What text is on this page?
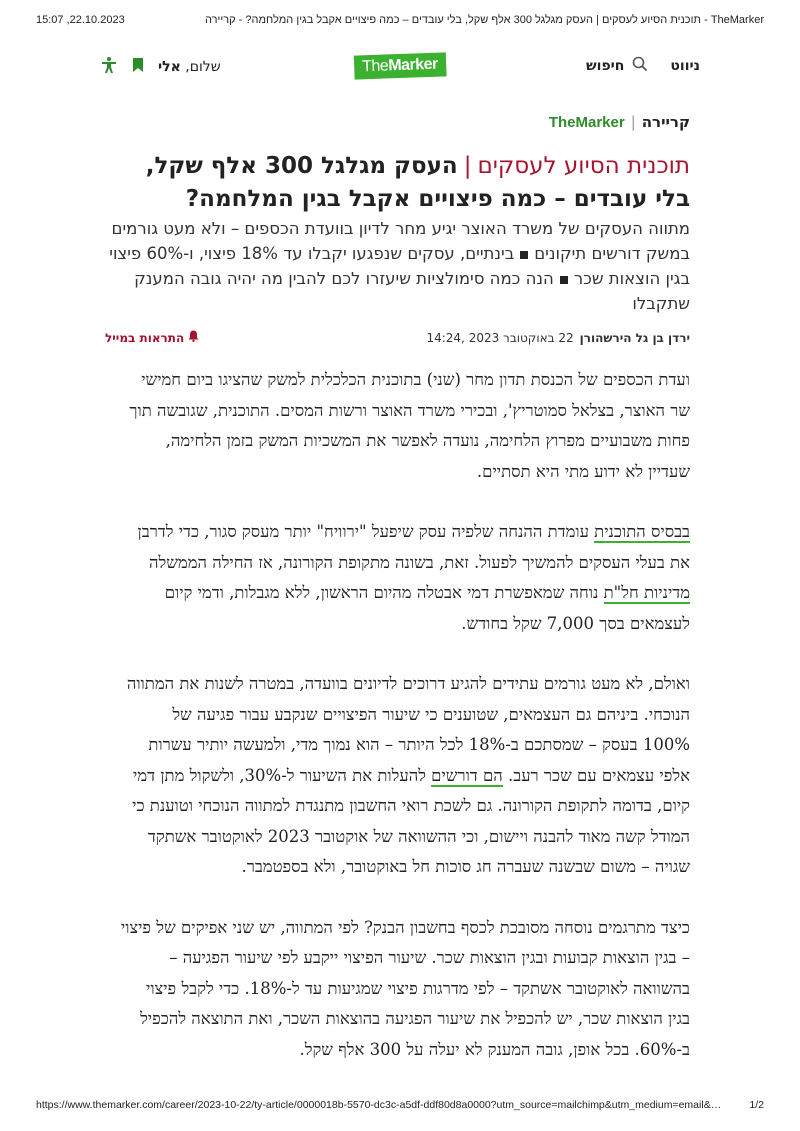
15:07 ,22.10.2023	TheMarker - תוכנית הסיוע לעסקים | העסק מגלגל 300 אלף שקל, בלי עובדים – כמה פיצויים אקבל בגין המלחמה? - קריירה
ניווט
חיפוש
TheMarker
שלום, אלי
קריירה
|
TheMarker
תוכנית הסיוע לעסקים|העסק מגלגל 300 אלף שקל, בלי עובדים – כמה פיצויים אקבל בגין המלחמה?

מתווה העסקים של משרד האוצר יגיע מחר לדיון בוועדת הכספים – ולא מעט גורמים במשק דורשים תיקוניםבינתיים, עסקים שנפגעו יקבלו עד 18% פיצוי, ו-60% פיצוי בגין הוצאות שכרהנה כמה סימולציות שיעזרו לכם להבין מה יהיה גובה המענק שתקבלו

ירדן בן גל הירשהורן
22 באוקטובר 2023 ,14:24
התראות במייל

ועדת הכספים של הכנסת תדון מחר (שני) בתוכנית הכלכלית למשק שהציגו ביום חמישי שר האוצר, בצלאל סמוטריץ', ובכירי משרד האוצר ורשות המסים. התוכנית, שגובשה תוך פחות משבועיים מפרוץ הלחימה, נועדה לאפשר את המשכיות המשק בזמן הלחימה, שעדיין לא ידוע מתי היא תסתיים.

בבסיס התוכנית עומדת ההנחה שלפיה עסק שיפעל "ירוויח" יותר מעסק סגור, כדי לדרבן את בעלי העסקים להמשיך לפעול. זאת, בשונה מתקופת הקורונה, אז החילה הממשלה מדיניות חל"ת נוחה שמאפשרת דמי אבטלה מהיום הראשון, ללא מגבלות, ודמי קיום לעצמאים בסך 7,000 שקל בחודש.

ואולם, לא מעט גורמים עתידים להגיע דרוכים לדיונים בוועדה, במטרה לשנות את המתווה הנוכחי. ביניהם גם העצמאים, שטוענים כי שיעור הפיצויים שנקבע עבור פגיעה של 100% בעסק – שמסתכם ב-18% לכל היותר – הוא נמוך מדי, ולמעשה יותיר עשרות אלפי עצמאים עם שכר רעב. הם דורשים להעלות את השיעור ל-30%, ולשקול מתן דמי קיום, בדומה לתקופת הקורונה. גם לשכת רואי החשבון מתנגדת למתווה הנוכחי וטוענת כי המודל קשה מאוד להבנה ויישום, וכי ההשוואה של אוקטובר 2023 לאוקטובר אשתקד שגויה – משום שבשנה שעברה חג סוכות חל באוקטובר, ולא בספטמבר.

כיצד מתרגמים נוסחה מסובכת לכסף בחשבון הבנק? לפי המתווה, יש שני אפיקים של פיצוי – בגין הוצאות קבועות ובגין הוצאות שכר. שיעור הפיצוי ייקבע לפי שיעור הפגיעה – בהשוואה לאוקטובר אשתקד – לפי מדרגות פיצוי שמגיעות עד ל-18%. כדי לקבל פיצוי בגין הוצאות שכר, יש להכפיל את שיעור הפגיעה בהוצאות השכר, ואת התוצאה להכפיל ב-60%. בכל אופן, גובה המענק לא יעלה על 300 אלף שקל.

https://www.themarker.com/career/2023-10-22/ty-article/0000018b-5570-dc3c-a5df-ddf80d8a0000?utm_source=mailchimp&utm_medium=email&…	1/2
